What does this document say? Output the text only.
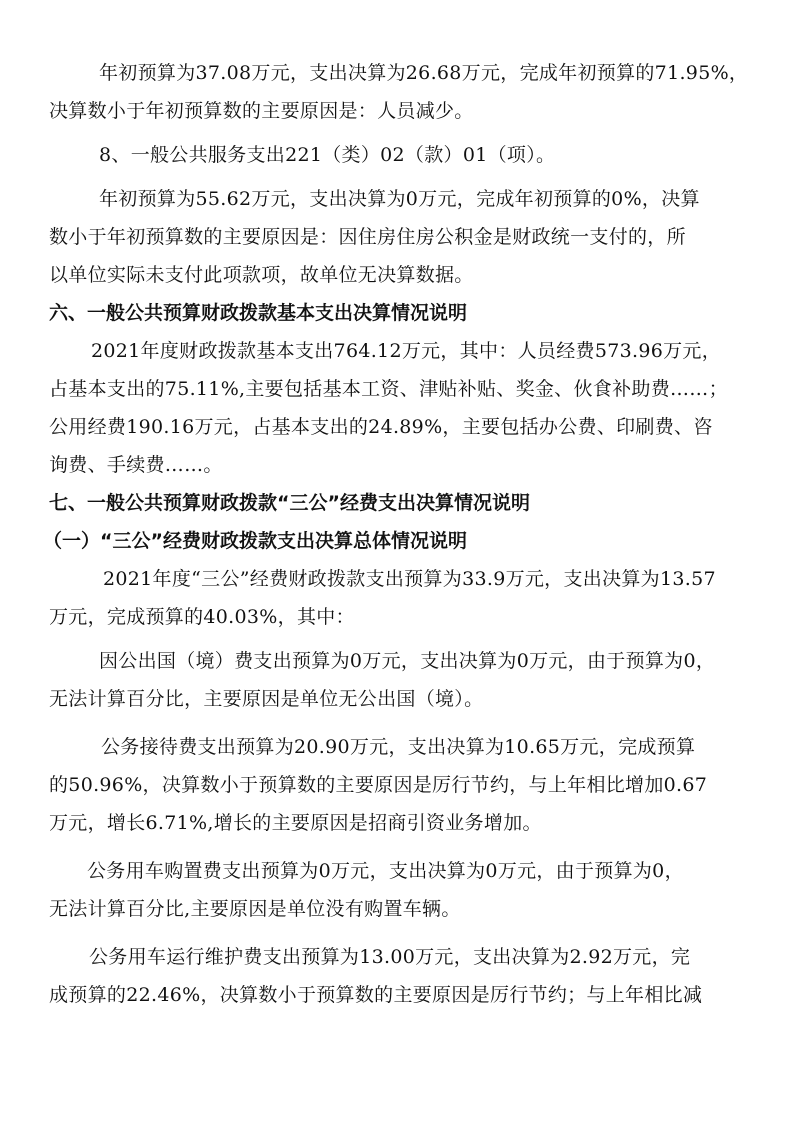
年初预算为37.08万元，支出决算为26.68万元，完成年初预算的71.95%，
决算数小于年初预算数的主要原因是：人员减少。
8、一般公共服务支出221（类）02（款）01（项）。
年初预算为55.62万元，支出决算为0万元，完成年初预算的0%，决算
数小于年初预算数的主要原因是：因住房住房公积金是财政统一支付的，所
以单位实际未支付此项款项，故单位无决算数据。
六、一般公共预算财政拨款基本支出决算情况说明
2021年度财政拨款基本支出764.12万元，其中：人员经费573.96万元，
占基本支出的75.11%,主要包括基本工资、津贴补贴、奖金、伙食补助费……；
公用经费190.16万元，占基本支出的24.89%，主要包括办公费、印刷费、咨
询费、手续费……。
七、一般公共预算财政拨款“三公”经费支出决算情况说明
（一）“三公”经费财政拨款支出决算总体情况说明
2021年度“三公”经费财政拨款支出预算为33.9万元，支出决算为13.57
万元，完成预算的40.03%，其中：
因公出国（境）费支出预算为0万元，支出决算为0万元，由于预算为0，
无法计算百分比，主要原因是单位无公出国（境）。
公务接待费支出预算为20.90万元，支出决算为10.65万元，完成预算
的50.96%，决算数小于预算数的主要原因是厉行节约，与上年相比增加0.67
万元，增长6.71%,增长的主要原因是招商引资业务增加。
公务用车购置费支出预算为0万元，支出决算为0万元，由于预算为0，
无法计算百分比,主要原因是单位没有购置车辆。
公务用车运行维护费支出预算为13.00万元，支出决算为2.92万元，完
成预算的22.46%，决算数小于预算数的主要原因是厉行节约；与上年相比减
